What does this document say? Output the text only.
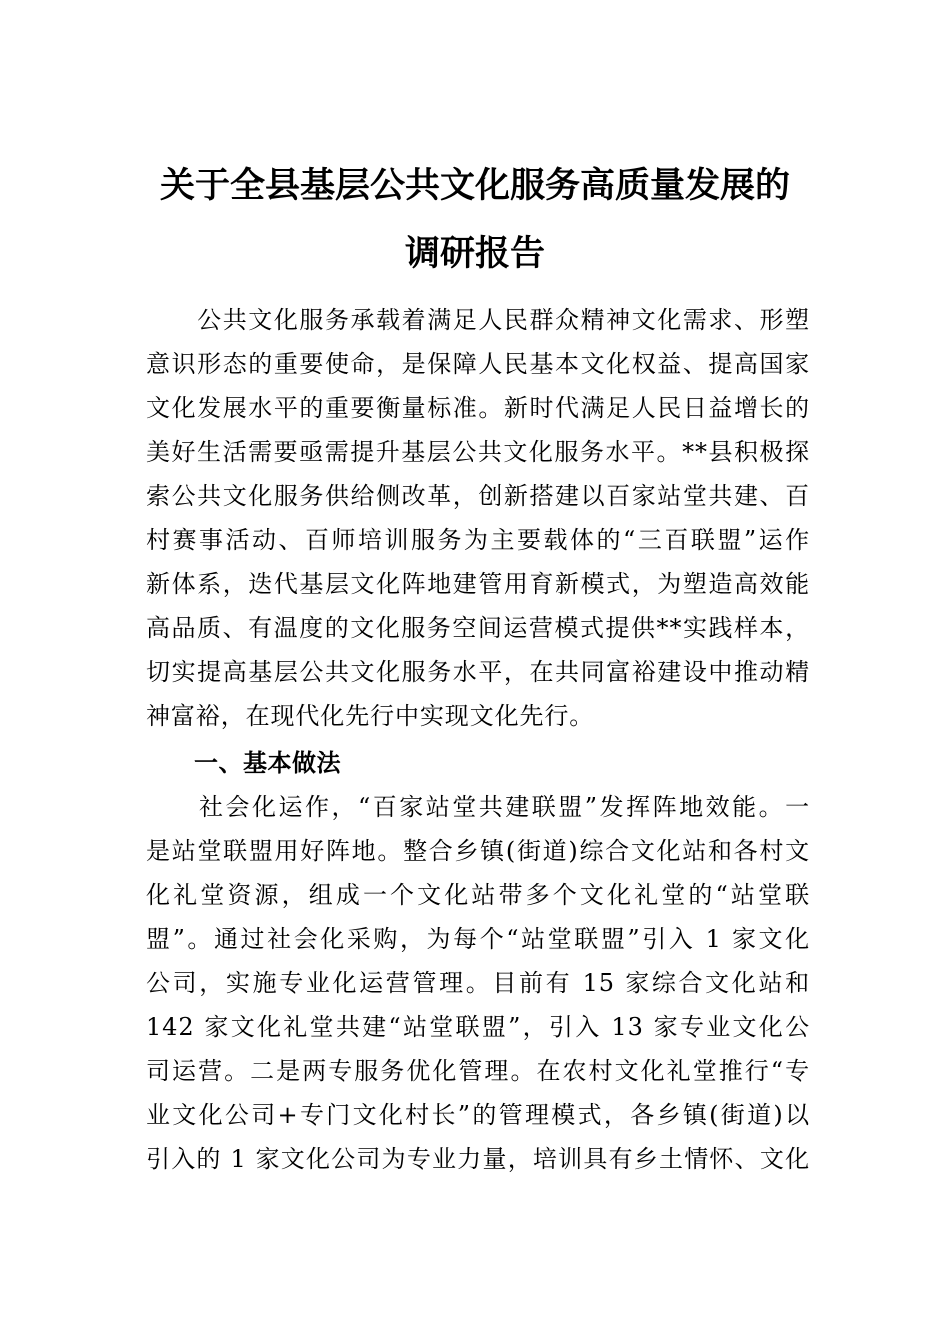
关于全县基层公共文化服务高质量发展的
调研报告
　　公共文化服务承载着满足人民群众精神文化需求、形塑
意识形态的重要使命，是保障人民基本文化权益、提高国家
文化发展水平的重要衡量标准。新时代满足人民日益增长的
美好生活需要亟需提升基层公共文化服务水平。**县积极探
索公共文化服务供给侧改革，创新搭建以百家站堂共建、百
村赛事活动、百师培训服务为主要载体的“三百联盟”运作
新体系，迭代基层文化阵地建管用育新模式，为塑造高效能
高品质、有温度的文化服务空间运营模式提供**实践样本，
切实提高基层公共文化服务水平，在共同富裕建设中推动精
神富裕，在现代化先行中实现文化先行。
一、基本做法
　　社会化运作，“百家站堂共建联盟”发挥阵地效能。一
是站堂联盟用好阵地。整合乡镇(街道)综合文化站和各村文
化礼堂资源，组成一个文化站带多个文化礼堂的“站堂联
盟”。通过社会化采购，为每个“站堂联盟”引入 1 家文化
公司，实施专业化运营管理。目前有 15 家综合文化站和
142 家文化礼堂共建“站堂联盟”，引入 13 家专业文化公
司运营。二是两专服务优化管理。在农村文化礼堂推行“专
业文化公司+专门文化村长”的管理模式，各乡镇(街道)以
引入的 1 家文化公司为专业力量，培训具有乡土情怀、文化
